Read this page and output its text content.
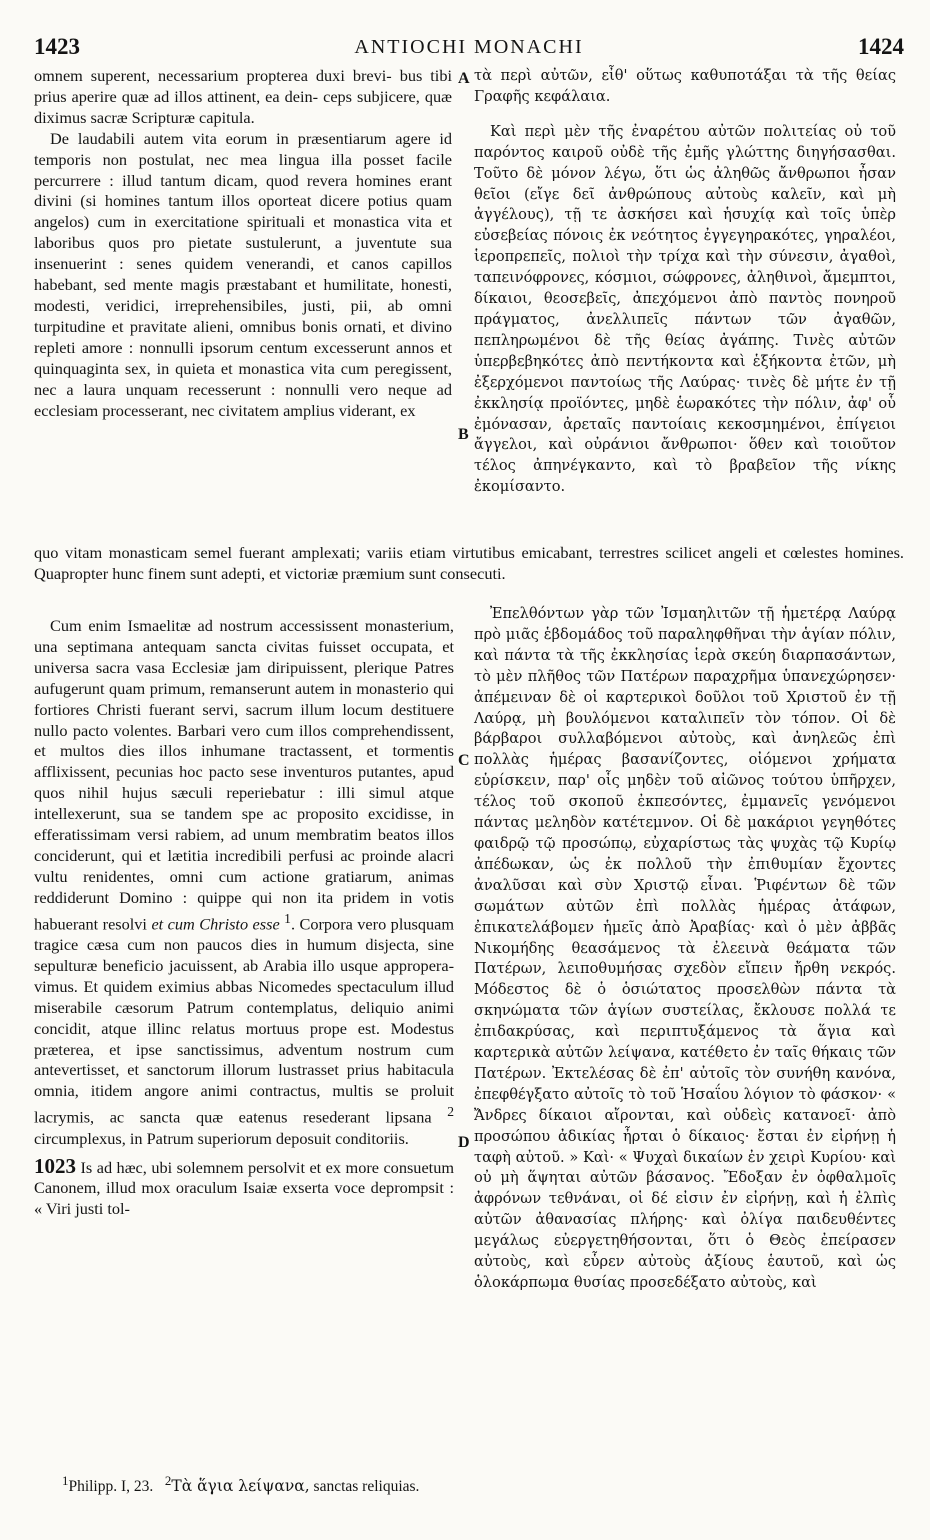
1423	ANTIOCHI MONACHI	1424

omnem superent, necessarium propterea duxi brevi- bus tibi prius aperire quæ ad illos attinent, ea dein- ceps subjicere, quæ diximus sacræ Scripturæ capitula.

De laudabili autem vita eorum in præsentiarum agere id temporis non postulat, nec mea lingua illa posset facile percurrere : illud tantum dicam, quod revera homines erant divini (si homines tantum illos oporteat dicere potius quam angelos) cum in exercitatione spirituali et monastica vita et laboribus quos pro pietate sustulerunt, a juventute sua insenuerint : senes quidem venerandi, et canos capillos habebant, sed mente magis præstabant et humilitate, honesti, modesti, veridici, irreprehensibiles, justi, pii, ab omni turpitudine et pravitate alieni, omnibus bonis ornati, et divino repleti amore : nonnulli ipsorum centum excesserunt annos et quinquaginta sex, in quieta et monastica vita cum peregissent, nec a laura unquam recesserunt : nonnulli vero neque ad ecclesiam processerant, nec civitatem amplius viderant, ex

A
B

τὰ περὶ αὐτῶν, εἶθ' οὕτως καθυποτάξαι τὰ τῆς θείας Γραφῆς κεφάλαια.

Καὶ περὶ μὲν τῆς ἐναρέτου αὐτῶν πολιτείας οὐ τοῦ παρόντος καιροῦ οὐδὲ τῆς ἐμῆς γλώττης διηγήσασθαι. Τοῦτο δὲ μόνον λέγω, ὅτι ὡς ἀληθῶς ἄνθρωποι ἦσαν θεῖοι (εἴγε δεῖ ἀνθρώπους αὐτοὺς καλεῖν, καὶ μὴ ἀγγέλους), τῇ τε ἀσκήσει καὶ ἡσυχίᾳ καὶ τοῖς ὑπὲρ εὐσεβείας πόνοις ἐκ νεότητος ἐγγεγηρακότες, γηραλέοι, ἱεροπρεπεῖς, πολιοὶ τὴν τρίχα καὶ τὴν σύνεσιν, ἀγαθοὶ, ταπεινόφρονες, κόσμιοι, σώφρονες, ἀληθινοὶ, ἄμεμπτοι, δίκαιοι, θεοσεβεῖς, ἀπεχόμενοι ἀπὸ παντὸς πονηροῦ πράγματος, ἀνελλιπεῖς πάντων τῶν ἀγαθῶν, πεπληρωμένοι δὲ τῆς θείας ἀγάπης. Τινὲς αὐτῶν ὑπερβεβηκότες ἀπὸ πεντήκοντα καὶ ἑξήκοντα ἐτῶν, μὴ ἐξερχόμενοι παντοίως τῆς Λαύρας· τινὲς δὲ μήτε ἐν τῇ ἐκκλησίᾳ προϊόντες, μηδὲ ἑωρακότες τὴν πόλιν, ἀφ' οὗ ἐμόνασαν, ἀρεταῖς παντοίαις κεκοσμημένοι, ἐπίγειοι ἄγγελοι, καὶ οὐράνιοι ἄνθρωποι· ὅθεν καὶ τοιοῦτον τέλος ἀπηνέγκαντο, καὶ τὸ βραβεῖον τῆς νίκης ἐκομίσαντο.

quo vitam monasticam semel fuerant amplexati; variis etiam virtutibus emicabant, terrestres scilicet angeli et cœlestes homines. Quapropter hunc finem sunt adepti, et victoriæ præmium sunt consecuti.

Cum enim Ismaelitæ ad nostrum accessissent monasterium, una septimana antequam sancta civitas fuisset occupata, et universa sacra vasa Ecclesiæ jam diripuissent, plerique Patres aufugerunt quam primum, remanserunt autem in monasterio qui fortiores Christi fuerant servi, sacrum illum locum destituere nullo pacto volentes. Barbari vero cum illos comprehendissent, et multos dies illos inhumane tractassent, et tormentis afflixissent, pecunias hoc pacto sese inventuros putantes, apud quos nihil hujus sæculi reperiebatur : illi simul atque intellexerunt, sua se tandem spe ac proposito excidisse, in efferatissimam versi rabiem, ad unum membratim beatos illos conciderunt, qui et lætitia incredibili perfusi ac proinde alacri vultu renidentes, omni cum actione gratiarum, animas reddiderunt Domino : quippe qui non ita pridem in votis habuerant resolvi et cum Christo esse $^1$. Corpora vero plusquam tragice cæsa cum non paucos dies in humum disjecta, sine sepulturæ beneficio jacuissent, ab Arabia illo usque approperavimus. Et quidem eximius abbas Nicomedes spectaculum illud miserabile cæsorum Patrum contemplatus, deliquio animi concidit, atque illinc relatus mortuus prope est. Modestus præterea, et ipse sanctissimus, adventum nostrum cum antevertisset, et sanctorum illorum lustrasset prius habitacula omnia, itidem angore animi contractus, multis se proluit lacrymis, ac sancta quæ eatenus resederant lipsana $^2$ circumplexus, in Patrum superiorum deposuit conditoriis.

1023 Is ad hæc, ubi solemnem persolvit et ex more consuetum Canonem, illud mox oraculum Isaiæ exserta voce deprompsit : « Viri justi tol-

C
D

Ἐπελθόντων γὰρ τῶν Ἰσμαηλιτῶν τῇ ἡμετέρᾳ Λαύρᾳ πρὸ μιᾶς ἑβδομάδος τοῦ παραληφθῆναι τὴν ἁγίαν πόλιν, καὶ πάντα τὰ τῆς ἐκκλησίας ἱερὰ σκεύη διαρπασάντων, τὸ μὲν πλῆθος τῶν Πατέρων παραχρῆμα ὑπανεχώρησεν· ἀπέμειναν δὲ οἱ καρτερικοὶ δοῦλοι τοῦ Χριστοῦ ἐν τῇ Λαύρᾳ, μὴ βουλόμενοι καταλιπεῖν τὸν τόπον. Οἱ δὲ βάρβαροι συλλαβόμενοι αὐτοὺς, καὶ ἀνηλεῶς ἐπὶ πολλὰς ἡμέρας βασανίζοντες, οἰόμενοι χρήματα εὑρίσκειν, παρ' οἷς μηδὲν τοῦ αἰῶνος τούτου ὑπῆρχεν, τέλος τοῦ σκοποῦ ἐκπεσόντες, ἐμμανεῖς γενόμενοι πάντας μεληδὸν κατέτεμνον. Οἱ δὲ μακάριοι γεγηθότες φαιδρῷ τῷ προσώπῳ, εὐχαρίστως τὰς ψυχὰς τῷ Κυρίῳ ἀπέδωκαν, ὡς ἐκ πολλοῦ τὴν ἐπιθυμίαν ἔχοντες ἀναλῦσαι καὶ σὺν Χριστῷ εἶναι. Ῥιφέντων δὲ τῶν σωμάτων αὐτῶν ἐπὶ πολλὰς ἡμέρας ἀτάφων, ἐπικατελάβομεν ἡμεῖς ἀπὸ Ἀραβίας· καὶ ὁ μὲν ἀββᾶς Νικομήδης θεασάμενος τὰ ἐλεεινὰ θεάματα τῶν Πατέρων, λειποθυμήσας σχεδὸν εἴπειν ἤρθη νεκρός. Μόδεστος δὲ ὁ ὁσιώτατος προσελθὼν πάντα τὰ σκηνώματα τῶν ἁγίων συστείλας, ἔκλουσε πολλά τε ἐπιδακρύσας, καὶ περιπτυξάμενος τὰ ἅγια καὶ καρτερικὰ αὐτῶν λείψανα, κατέθετο ἐν ταῖς θήκαις τῶν Πατέρων. Ἐκτελέσας δὲ ἐπ' αὐτοῖς τὸν συνήθη κανόνα, ἐπεφθέγξατο αὐτοῖς τὸ τοῦ Ἡσαΐου λόγιον τὸ φάσκον· « Ἄνδρες δίκαιοι αἴρονται, καὶ οὐδεὶς κατανοεῖ· ἀπὸ προσώπου ἀδικίας ἦρται ὁ δίκαιος· ἔσται ἐν εἰρήνῃ ἡ ταφὴ αὐτοῦ. » Καὶ· « Ψυχαὶ δικαίων ἐν χειρὶ Κυρίου· καὶ οὐ μὴ ἅψηται αὐτῶν βάσανος. Ἔδοξαν ἐν ὀφθαλμοῖς ἀφρόνων τεθνάναι, οἱ δέ εἰσιν ἐν εἰρήνῃ, καὶ ἡ ἐλπὶς αὐτῶν ἀθανασίας πλήρης· καὶ ὀλίγα παιδευθέντες μεγάλως εὐεργετηθήσονται, ὅτι ὁ Θεὸς ἐπείρασεν αὐτοὺς, καὶ εὗρεν αὐτοὺς ἀξίους ἑαυτοῦ, καὶ ὡς ὁλοκάρπωμα θυσίας προσεδέξατο αὐτοὺς, καὶ

$^1$Philipp. I, 23. $^2$Τὰ ἅγια λείψανα, sanctas reliquias.
